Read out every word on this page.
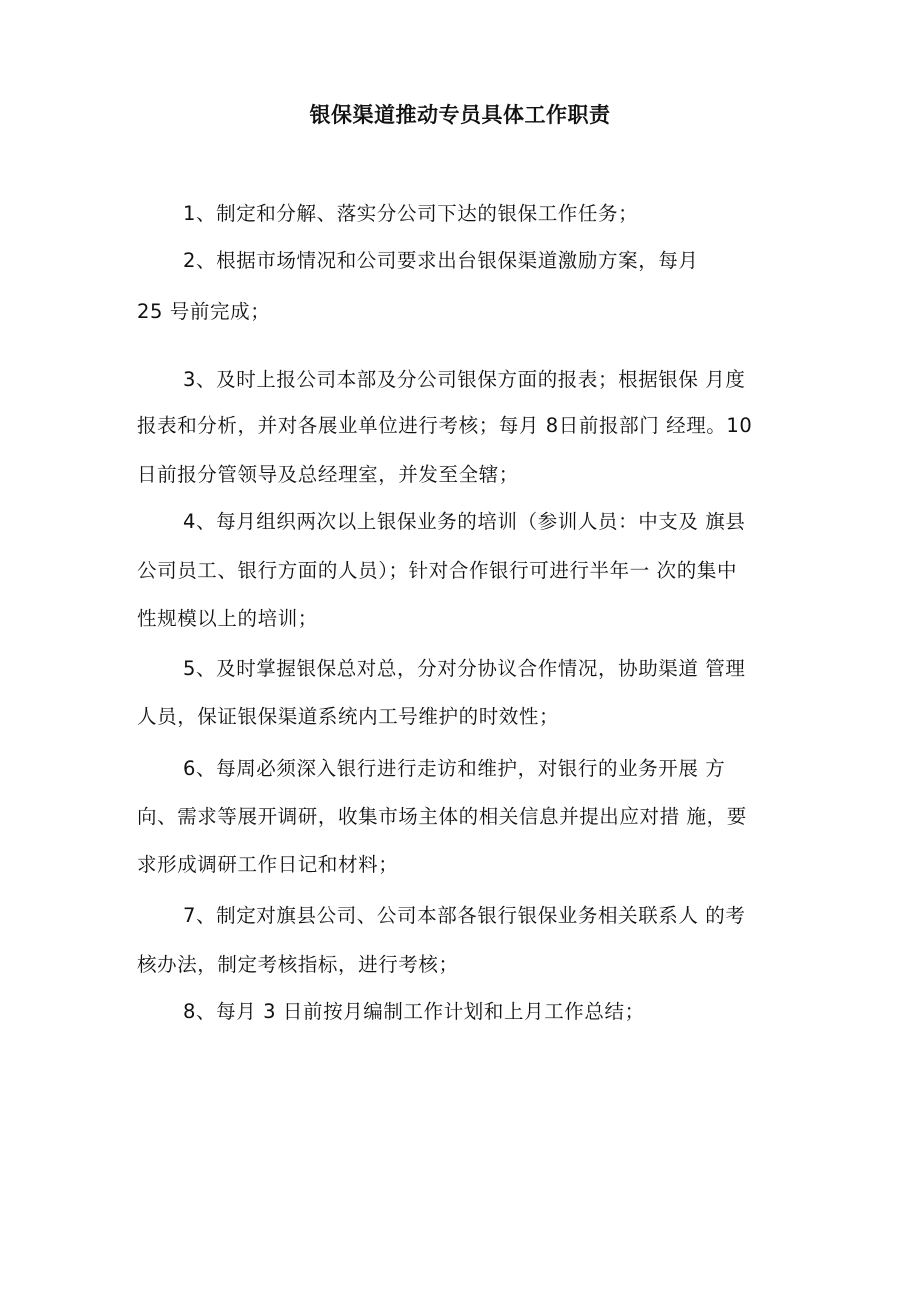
银保渠道推动专员具体工作职责
1、制定和分解、落实分公司下达的银保工作任务；
2、根据市场情况和公司要求出台银保渠道激励方案，每月
25 号前完成；
3、及时上报公司本部及分公司银保方面的报表；根据银保 月度
报表和分析，并对各展业单位进行考核；每月 8日前报部门 经理。10
日前报分管领导及总经理室，并发至全辖；
4、每月组织两次以上银保业务的培训（参训人员：中支及 旗县
公司员工、银行方面的人员）；针对合作银行可进行半年一 次的集中
性规模以上的培训；
5、及时掌握银保总对总，分对分协议合作情况，协助渠道 管理
人员，保证银保渠道系统内工号维护的时效性；
6、每周必须深入银行进行走访和维护，对银行的业务开展 方
向、需求等展开调研，收集市场主体的相关信息并提出应对措 施，要
求形成调研工作日记和材料；
7、制定对旗县公司、公司本部各银行银保业务相关联系人 的考
核办法，制定考核指标，进行考核；
8、每月 3 日前按月编制工作计划和上月工作总结；
